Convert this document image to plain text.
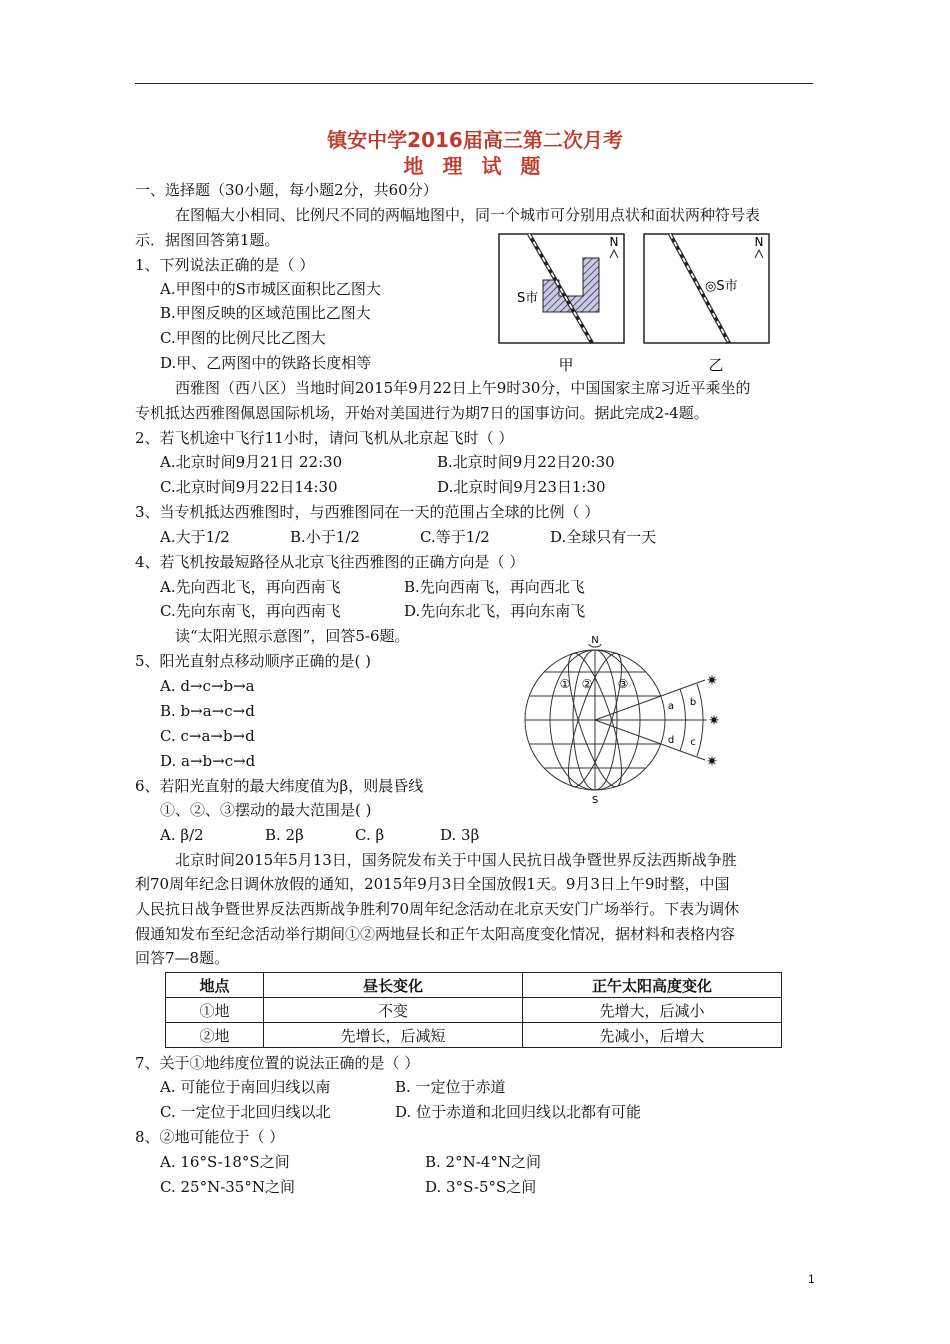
镇安中学2016届高三第二次月考
地 理 试 题
一、选择题（30小题，每小题2分，共60分）
在图幅大小相同、比例尺不同的两幅地图中，同一个城市可分别用点状和面状两种符号表
示．据图回答第1题。
1、下列说法正确的是（ ）
A.甲图中的S市城区面积比乙图大
B.甲图反映的区域范围比乙图大
C.甲图的比例尺比乙图大
D.甲、乙两图中的铁路长度相等
S市
N
◎S市
N
甲	乙
西雅图（西八区）当地时间2015年9月22日上午9时30分，中国国家主席习近平乘坐的
专机抵达西雅图佩恩国际机场，开始对美国进行为期7日的国事访问。据此完成2-4题。
2、若飞机途中飞行11小时，请问飞机从北京起飞时（ ）
A.北京时间9月21日 22:30	B.北京时间9月22日20:30
C.北京时间9月22日14:30	D.北京时间9月23日1:30
3、当专机抵达西雅图时，与西雅图同在一天的范围占全球的比例（ ）
A.大于1/2	B.小于1/2	C.等于1/2	D.全球只有一天
4、若飞机按最短路径从北京飞往西雅图的正确方向是（ ）
A.先向西北飞，再向西南飞	B.先向西南飞，再向西北飞
C.先向东南飞，再向西南飞	D.先向东北飞，再向东南飞
读“太阳光照示意图”，回答5-6题。
5、阳光直射点移动顺序正确的是( )
A. d→c→b→a
B. b→a→c→d
C. c→a→b→d
D. a→b→c→d
N
S
① ② ③
a b
c
d
✷
✷
✷
6、若阳光直射的最大纬度值为β，则晨昏线
①、②、③摆动的最大范围是( )
A. β/2	B. 2β	C. β	D. 3β
北京时间2015年5月13日，国务院发布关于中国人民抗日战争暨世界反法西斯战争胜
利70周年纪念日调休放假的通知，2015年9月3日全国放假1天。9月3日上午9时整，中国
人民抗日战争暨世界反法西斯战争胜利70周年纪念活动在北京天安门广场举行。下表为调休
假通知发布至纪念活动举行期间①②两地昼长和正午太阳高度变化情况，据材料和表格内容
回答7—8题。
地点	昼长变化	正午太阳高度变化
①地	不变	先增大，后减小
②地	先增长，后减短	先减小，后增大
7、关于①地纬度位置的说法正确的是（ ）
A. 可能位于南回归线以南	B. 一定位于赤道
C. 一定位于北回归线以北	D. 位于赤道和北回归线以北都有可能
8、②地可能位于（ ）
A. 16°S-18°S之间	B. 2°N-4°N之间
C. 25°N-35°N之间	D. 3°S-5°S之间
1
